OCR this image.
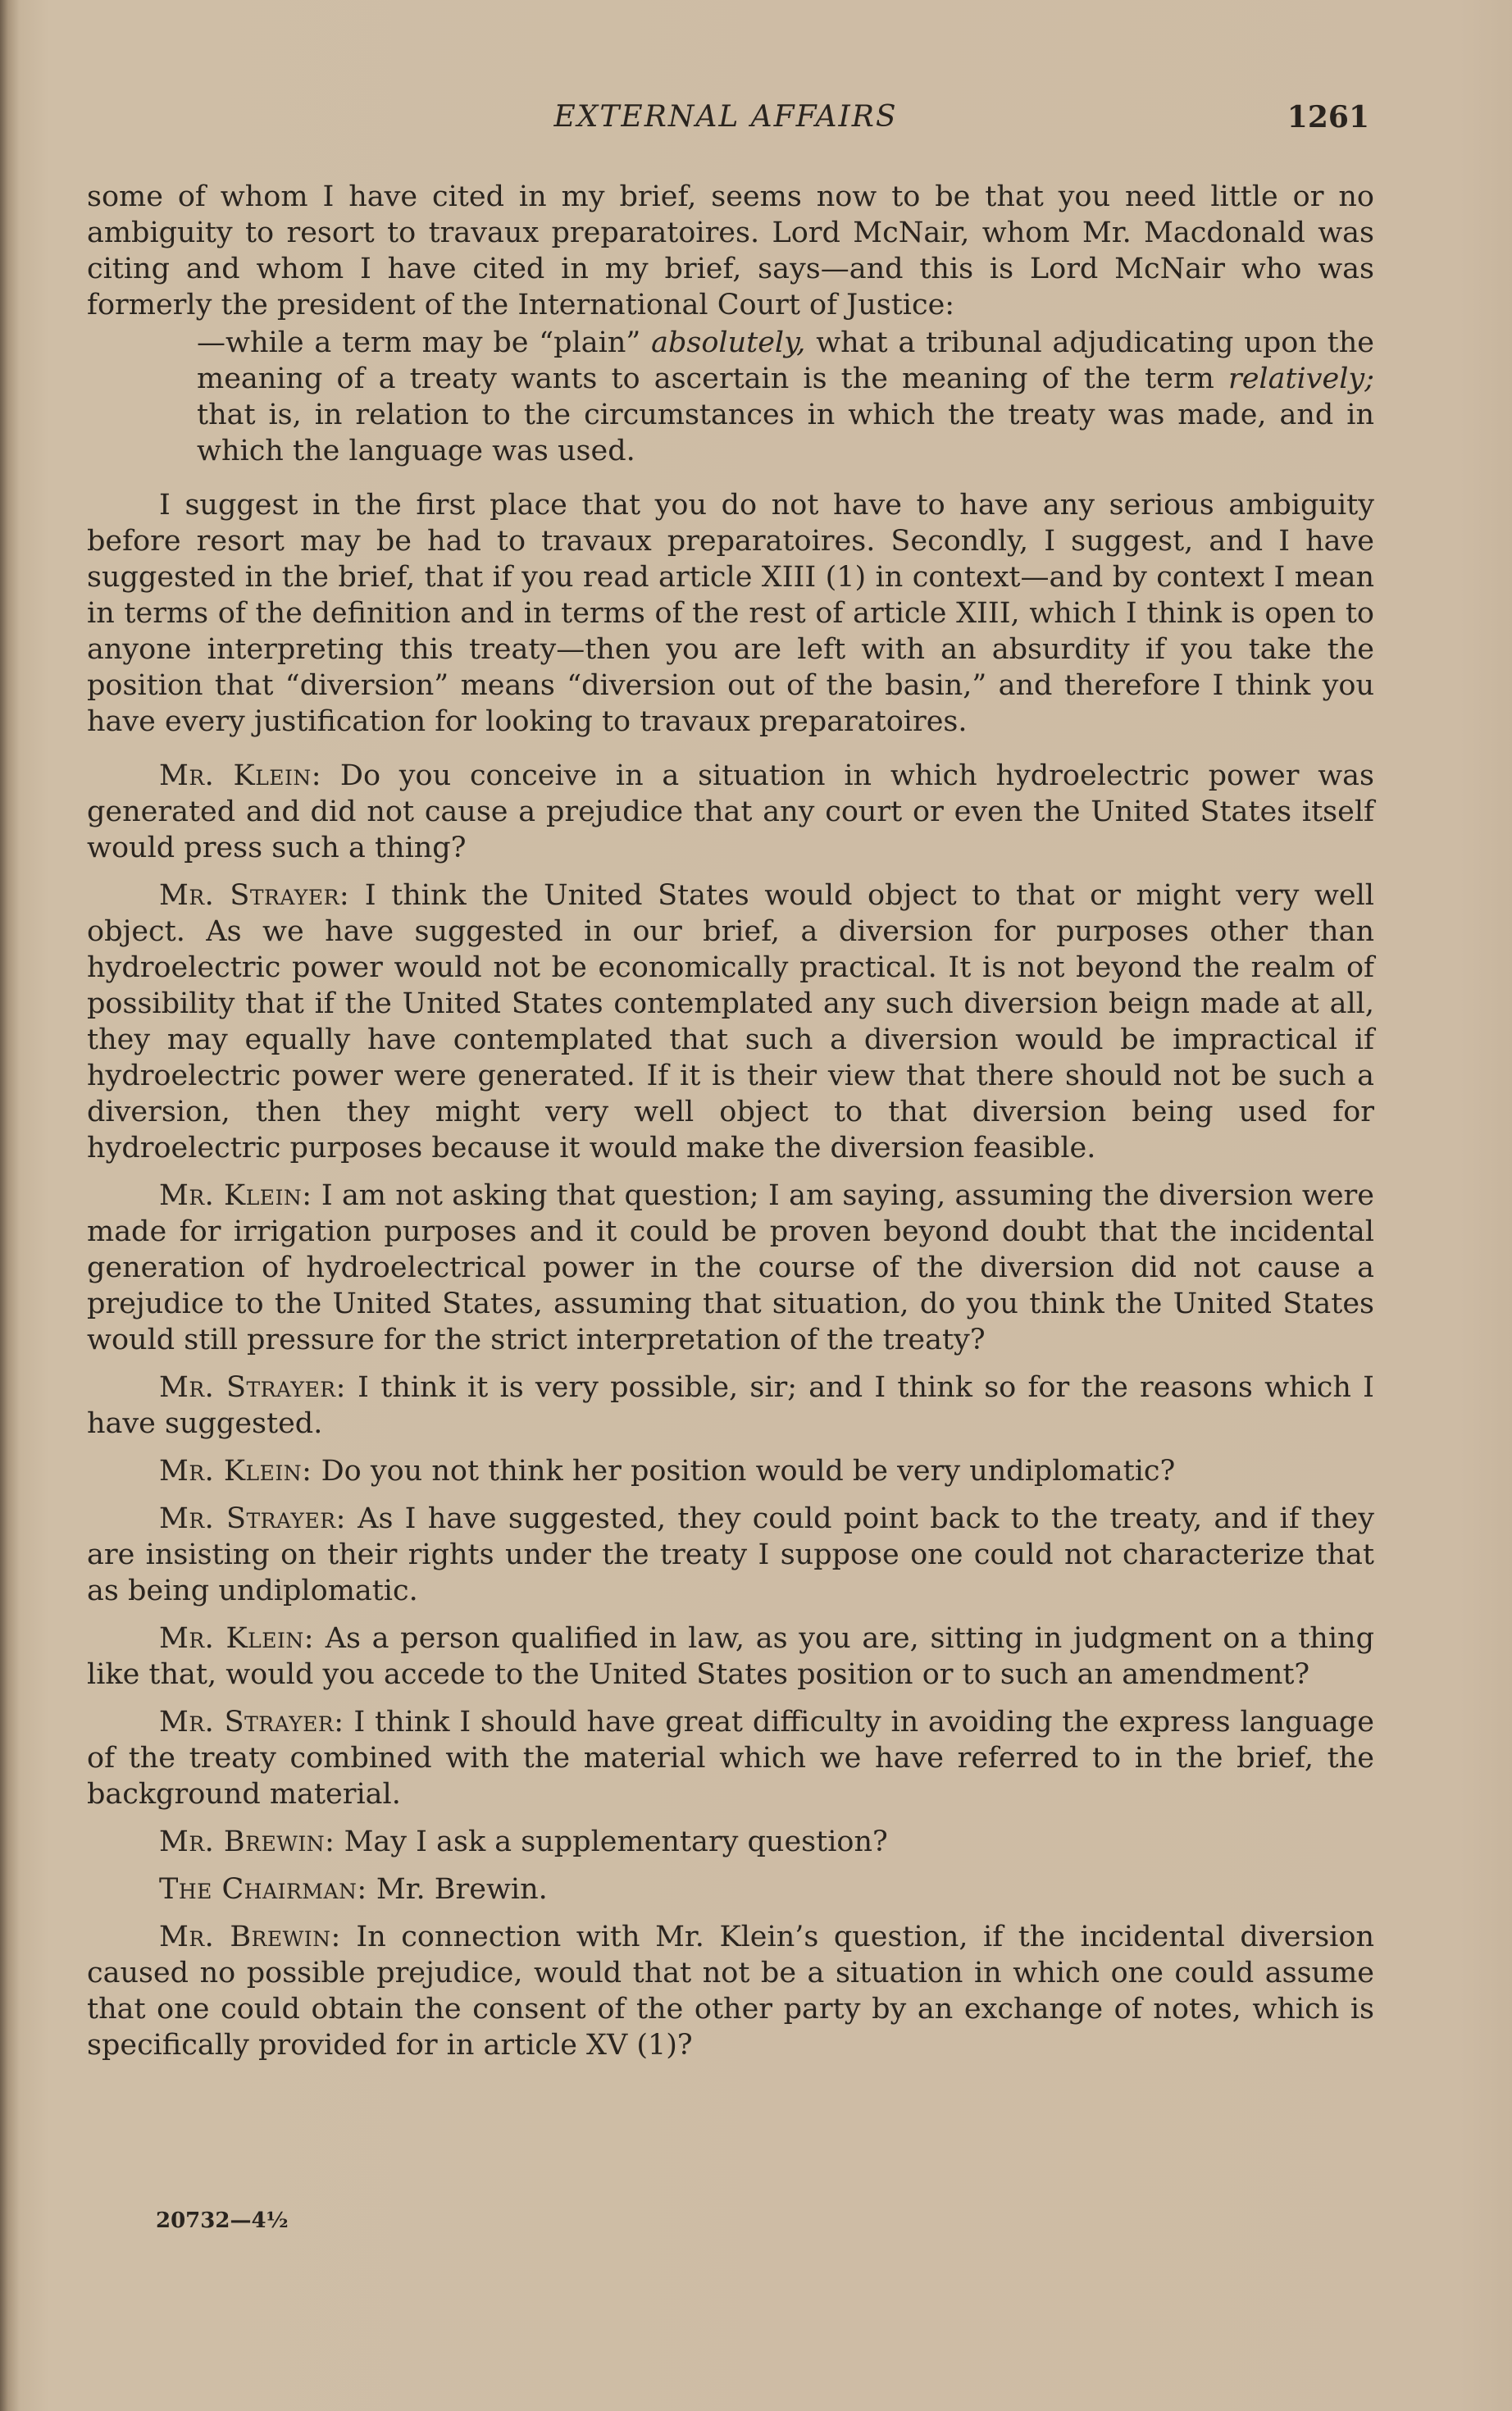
EXTERNAL AFFAIRS	1261

some of whom I have cited in my brief, seems now to be that you need little or no ambiguity to resort to travaux preparatoires. Lord McNair, whom Mr. Macdonald was citing and whom I have cited in my brief, says—and this is Lord McNair who was formerly the president of the International Court of Justice:

—while a term may be “plain” absolutely, what a tribunal adjudicating upon the meaning of a treaty wants to ascertain is the meaning of the term relatively; that is, in relation to the circumstances in which the treaty was made, and in which the language was used.

I suggest in the first place that you do not have to have any serious ambiguity before resort may be had to travaux preparatoires. Secondly, I suggest, and I have suggested in the brief, that if you read article XIII (1) in context—and by context I mean in terms of the definition and in terms of the rest of article XIII, which I think is open to anyone interpreting this treaty—then you are left with an absurdity if you take the position that “diversion” means “diversion out of the basin,” and therefore I think you have every justification for looking to travaux preparatoires.

Mr. Klein: Do you conceive in a situation in which hydroelectric power was generated and did not cause a prejudice that any court or even the United States itself would press such a thing?

Mr. Strayer: I think the United States would object to that or might very well object. As we have suggested in our brief, a diversion for purposes other than hydroelectric power would not be economically practical. It is not beyond the realm of possibility that if the United States contemplated any such diversion beign made at all, they may equally have contemplated that such a diversion would be impractical if hydroelectric power were generated. If it is their view that there should not be such a diversion, then they might very well object to that diversion being used for hydroelectric purposes because it would make the diversion feasible.

Mr. Klein: I am not asking that question; I am saying, assuming the diversion were made for irrigation purposes and it could be proven beyond doubt that the incidental generation of hydroelectrical power in the course of the diversion did not cause a prejudice to the United States, assuming that situation, do you think the United States would still pressure for the strict interpretation of the treaty?

Mr. Strayer: I think it is very possible, sir; and I think so for the reasons which I have suggested.

Mr. Klein: Do you not think her position would be very undiplomatic?

Mr. Strayer: As I have suggested, they could point back to the treaty, and if they are insisting on their rights under the treaty I suppose one could not characterize that as being undiplomatic.

Mr. Klein: As a person qualified in law, as you are, sitting in judgment on a thing like that, would you accede to the United States position or to such an amendment?

Mr. Strayer: I think I should have great difficulty in avoiding the express language of the treaty combined with the material which we have referred to in the brief, the background material.

Mr. Brewin: May I ask a supplementary question?

The Chairman: Mr. Brewin.

Mr. Brewin: In connection with Mr. Klein’s question, if the incidental diversion caused no possible prejudice, would that not be a situation in which one could assume that one could obtain the consent of the other party by an exchange of notes, which is specifically provided for in article XV (1)?

20732—4½
